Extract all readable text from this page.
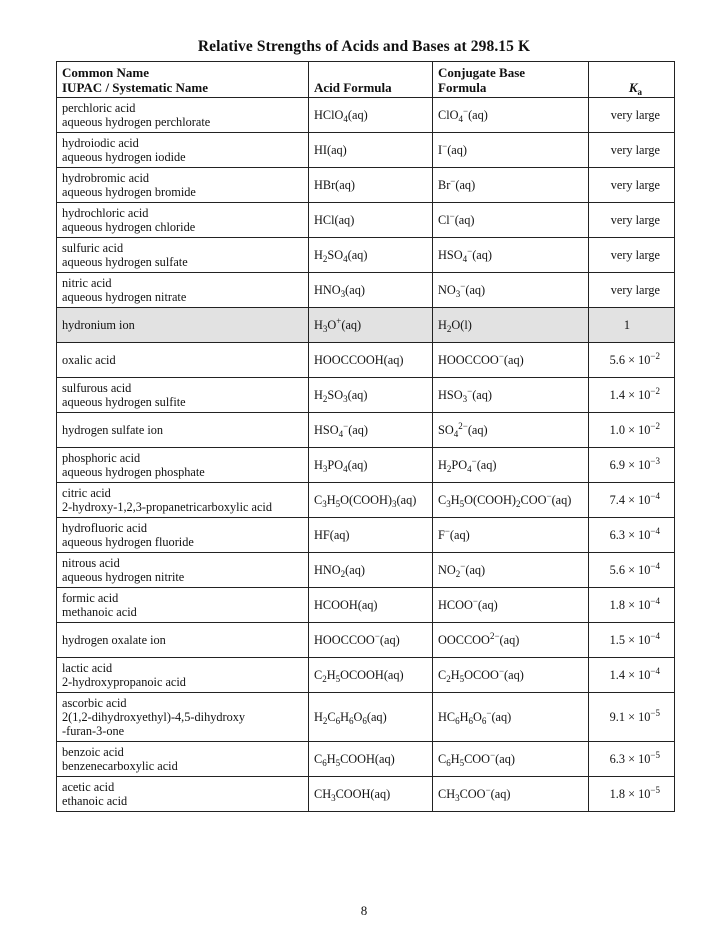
Relative Strengths of Acids and Bases at 298.15 K
Common Name
IUPAC / Systematic Name	Acid Formula	Conjugate Base
Formula	$K_a$
perchloric acid
aqueous hydrogen perchlorate	HClO$_4$(aq)	ClO$_4$−(aq)	very large
hydroiodic acid
aqueous hydrogen iodide	HI(aq)	I−(aq)	very large
hydrobromic acid
aqueous hydrogen bromide	HBr(aq)	Br−(aq)	very large
hydrochloric acid
aqueous hydrogen chloride	HCl(aq)	Cl−(aq)	very large
sulfuric acid
aqueous hydrogen sulfate	$H_2SO_4(aq)$	$HSO_4^-(aq)$	very large
nitric acid
aqueous hydrogen nitrate	$HNO_3(aq)$	$NO_3^-(aq)$	very large
hydronium ion	$H_3O^+(aq)$	$H_2O(l)$	1
oxalic acid	HOOCCOOH(aq)	HOOCCOO−(aq)	$5.6 \times 10^{-2}$
sulfurous acid
aqueous hydrogen sulfite	$H_2SO_3(aq)$	$HSO_3^-(aq)$	$1.4 \times 10^{-2}$
hydrogen sulfate ion	$HSO_4^-(aq)$	$SO_4^{2-}(aq)$	$1.0 \times 10^{-2}$
phosphoric acid
aqueous hydrogen phosphate	$H_3PO_4(aq)$	$H_2PO_4^-(aq)$	$6.9 \times 10^{-3}$
citric acid
2-hydroxy-1,2,3-propanetricarboxylic acid	$C_3H_5O(COOH)_3(aq)$	$C_3H_5O(COOH)_2COO^-(aq)$	$7.4 \times 10^{-4}$
hydrofluoric acid
aqueous hydrogen fluoride	HF(aq)	F−(aq)	$6.3 \times 10^{-4}$
nitrous acid
aqueous hydrogen nitrite	$HNO_2(aq)$	$NO_2^-(aq)$	$5.6 \times 10^{-4}$
formic acid
methanoic acid	HCOOH(aq)	HCOO−(aq)	$1.8 \times 10^{-4}$
hydrogen oxalate ion	HOOCCOO−(aq)	$OOCCOO^{2-}(aq)$	$1.5 \times 10^{-4}$
lactic acid
2-hydroxypropanoic acid	$C_2H_5OCOOH(aq)$	$C_2H_5OCOO^-(aq)$	$1.4 \times 10^{-4}$
ascorbic acid
2(1,2-dihydroxyethyl)-4,5-dihydroxy
-furan-3-one	$H_2C_6H_6O_6(aq)$	$HC_6H_6O_6^-(aq)$	$9.1 \times 10^{-5}$
benzoic acid
benzenecarboxylic acid	$C_6H_5COOH(aq)$	$C_6H_5COO^-(aq)$	$6.3 \times 10^{-5}$
acetic acid
ethanoic acid	$CH_3COOH(aq)$	$CH_3COO^-(aq)$	$1.8 \times 10^{-5}$
8
